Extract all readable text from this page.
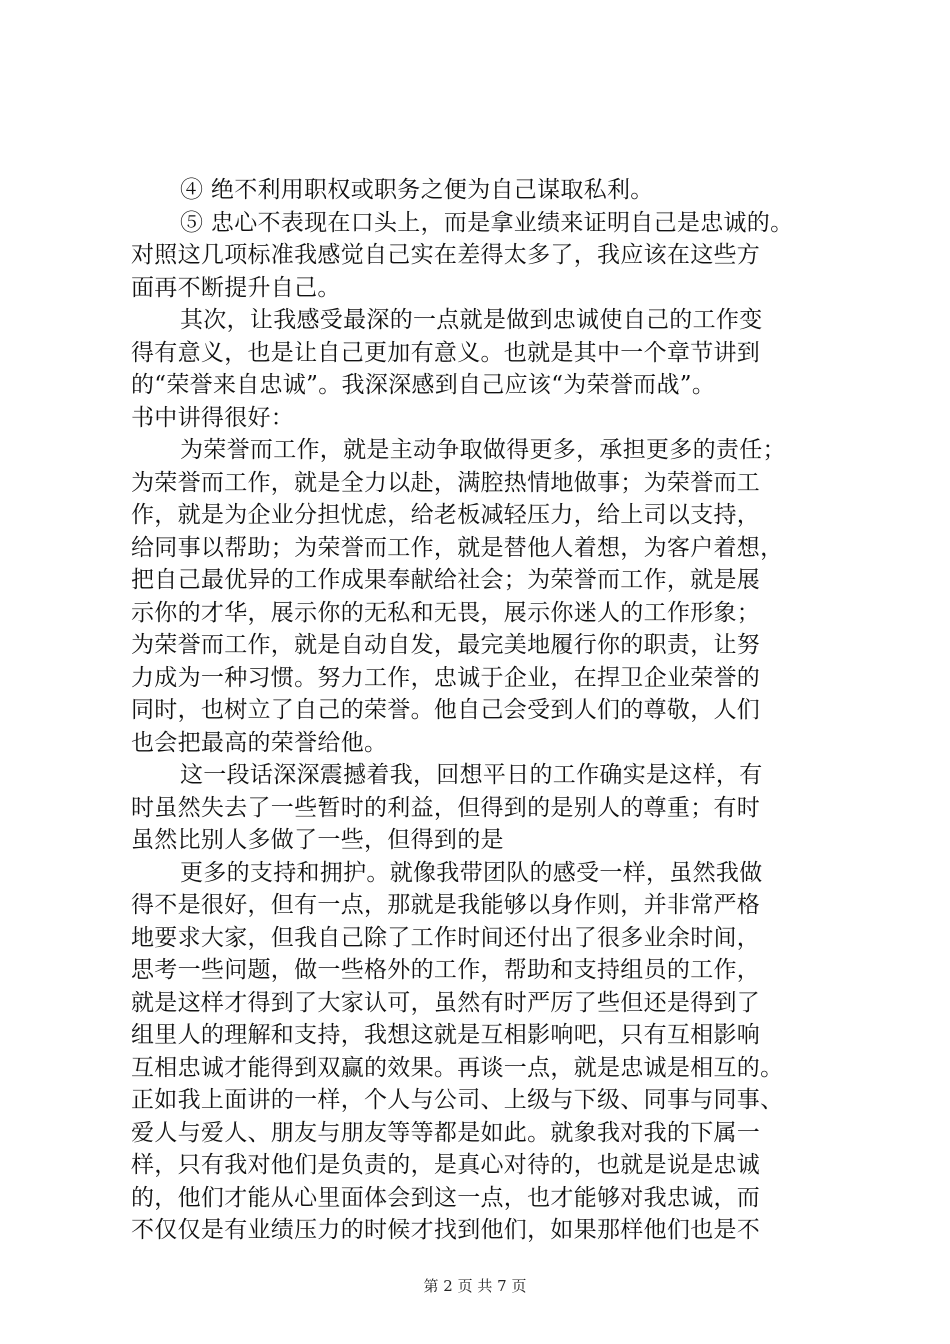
④ 绝不利用职权或职务之便为自己谋取私利。
⑤ 忠心不表现在口头上，而是拿业绩来证明自己是忠诚的。
对照这几项标准我感觉自己实在差得太多了，我应该在这些方
面再不断提升自己。
其次，让我感受最深的一点就是做到忠诚使自己的工作变
得有意义，也是让自己更加有意义。也就是其中一个章节讲到
的“荣誉来自忠诚”。我深深感到自己应该“为荣誉而战”。
书中讲得很好：
为荣誉而工作，就是主动争取做得更多，承担更多的责任；
为荣誉而工作，就是全力以赴，满腔热情地做事；为荣誉而工
作，就是为企业分担忧虑，给老板减轻压力，给上司以支持，
给同事以帮助；为荣誉而工作，就是替他人着想，为客户着想，
把自己最优异的工作成果奉献给社会；为荣誉而工作，就是展
示你的才华，展示你的无私和无畏，展示你迷人的工作形象；
为荣誉而工作，就是自动自发，最完美地履行你的职责，让努
力成为一种习惯。努力工作，忠诚于企业，在捍卫企业荣誉的
同时，也树立了自己的荣誉。他自己会受到人们的尊敬，人们
也会把最高的荣誉给他。
这一段话深深震撼着我，回想平日的工作确实是这样，有
时虽然失去了一些暂时的利益，但得到的是别人的尊重；有时
虽然比别人多做了一些，但得到的是
更多的支持和拥护。就像我带团队的感受一样，虽然我做
得不是很好，但有一点，那就是我能够以身作则，并非常严格
地要求大家，但我自己除了工作时间还付出了很多业余时间，
思考一些问题，做一些格外的工作，帮助和支持组员的工作，
就是这样才得到了大家认可，虽然有时严厉了些但还是得到了
组里人的理解和支持，我想这就是互相影响吧，只有互相影响
互相忠诚才能得到双赢的效果。再谈一点，就是忠诚是相互的。
正如我上面讲的一样，个人与公司、上级与下级、同事与同事、
爱人与爱人、朋友与朋友等等都是如此。就象我对我的下属一
样，只有我对他们是负责的，是真心对待的，也就是说是忠诚
的，他们才能从心里面体会到这一点，也才能够对我忠诚，而
不仅仅是有业绩压力的时候才找到他们，如果那样他们也是不
第 2 页 共 7 页
